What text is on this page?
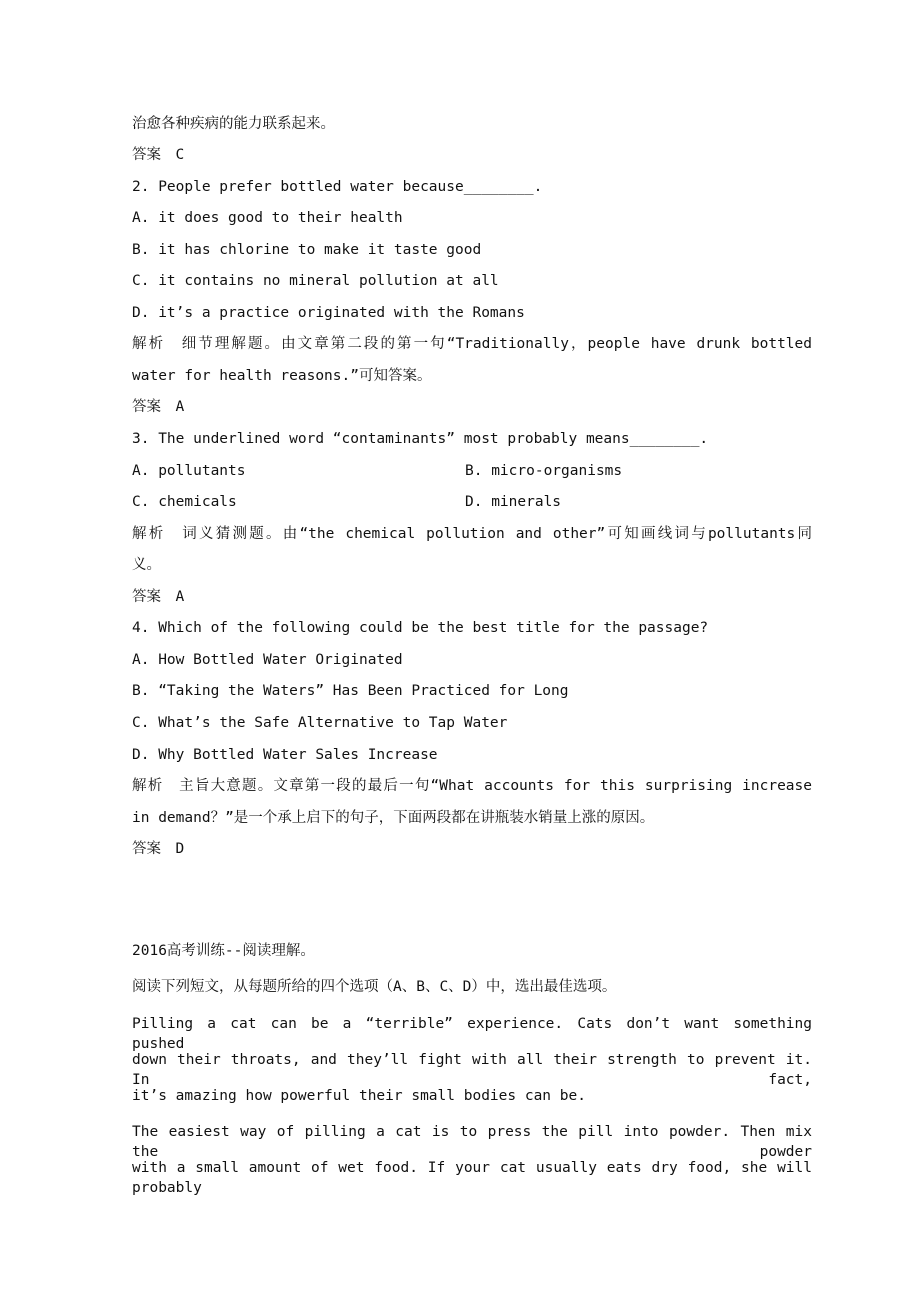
治愈各种疾病的能力联系起来。
答案　C
2. People prefer bottled water because________.
A. it does good to their health
B. it has chlorine to make it taste good
C. it contains no mineral pollution at all
D. it’s a practice originated with the Romans
解析　细节理解题。由文章第二段的第一句“Traditionally，people have drunk bottled
water for health reasons.”可知答案。
答案　A
3. The underlined word “contaminants” most probably means________.
A. pollutants	B. micro-organisms
C. chemicals	D. minerals
解析　词义猜测题。由“the chemical pollution and other”可知画线词与pollutants同
义。
答案　A
4. Which of the following could be the best title for the passage?
A. How Bottled Water Originated
B. “Taking the Waters” Has Been Practiced for Long
C. What’s the Safe Alternative to Tap Water
D. Why Bottled Water Sales Increase
解析　主旨大意题。文章第一段的最后一句“What accounts for this surprising increase
in demand？”是一个承上启下的句子，下面两段都在讲瓶装水销量上涨的原因。
答案　D
2016高考训练--阅读理解。
阅读下列短文，从每题所给的四个选项（A、B、C、D）中，选出最佳选项。
Pilling a cat can be a “terrible” experience. Cats don’t want something pushed
down their throats, and they’ll fight with all their strength to prevent it. In fact,
it’s amazing how powerful their small bodies can be.
The easiest way of pilling a cat is to press the pill into powder. Then mix the powder
with a small amount of wet food. If your cat usually eats dry food, she will probably
